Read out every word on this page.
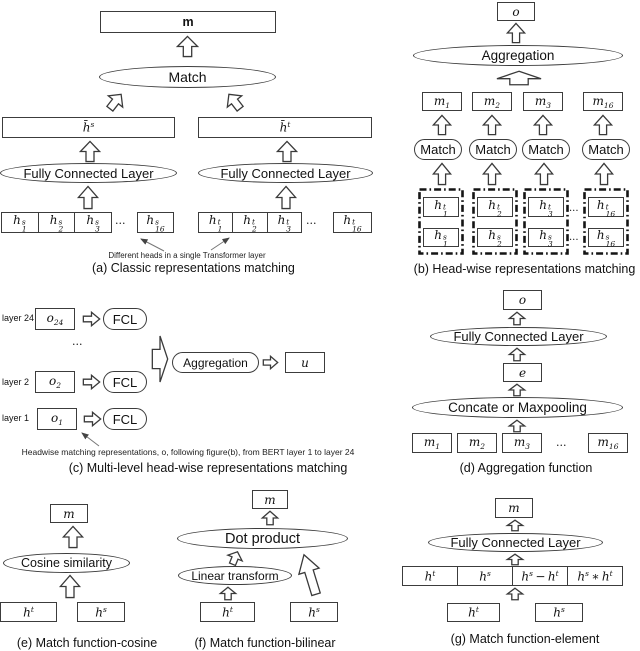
m
Match
h̄$^s$	h̄$^t$
Fully Connected Layer	Fully Connected Layer
h s
1
h s
2
h s
3
... h s
16
h t
1
h t
2
h t
3
... h t
16
Different heads in a single Transformer layer
(a) Classic representations matching
o
Aggregation
$m_1$	$m_2$	$m_3$	$m_{16}$
Match Match Match Match
h t
1
h t
2
h t
3
h t
16
h s
1
h s
2
h s
3
h s
16
...
...
(b) Head-wise representations matching
layer 24 $o_{24}$	FCL
...
layer 2 $o_2$	FCL
layer 1 $o_1$	FCL
Aggregation	u
Headwise matching representations, o, following figure(b), from BERT layer 1 to layer 24
(c) Multi-level head-wise representations matching
o
Fully Connected Layer
e
Concate or Maxpooling
$m_1$ $m_2$ $m_3$ ...	$m_{16}$
(d) Aggregation function
m
Cosine similarity
$h^t$	$h^s$
(e) Match function-cosine
m
Dot product
Linear transform
$h^t$	$h^s$
(f) Match function-bilinear
m
Fully Connected Layer
$h^t$	$h^s$	$h^s - h^t$ $h^s$ ∗ $h^t$
$h^t$	$h^s$
(g) Match function-element
